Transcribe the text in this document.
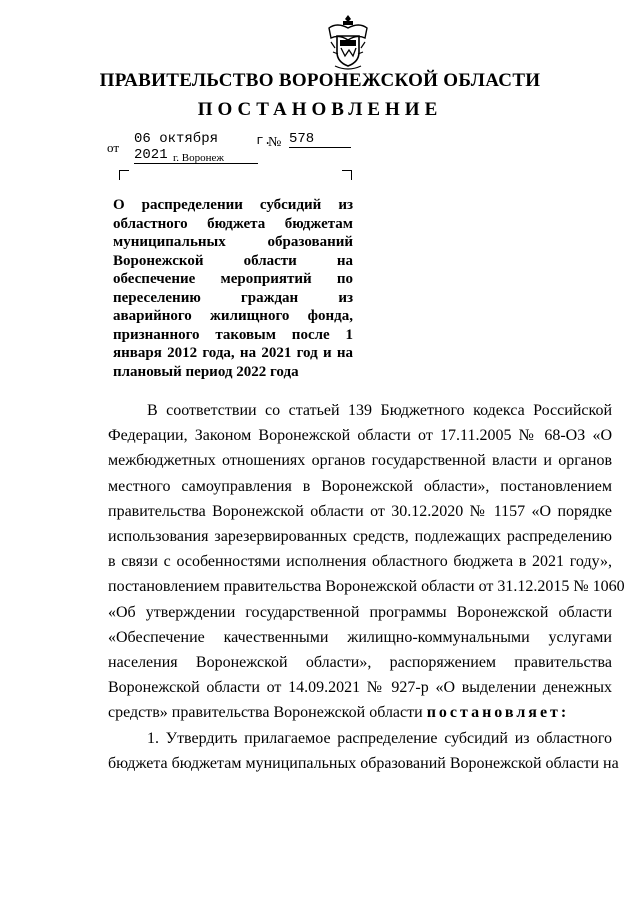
ПРАВИТЕЛЬСТВО ВОРОНЕЖСКОЙ ОБЛАСТИ
ПОСТАНОВЛЕНИЕ
от
06 октября 2021
г.
№ 578
г. Воронеж
О распределении субсидий из
областного бюджета бюджетам
муниципальных образований
Воронежской области на
обеспечение мероприятий по
переселению граждан из
аварийного жилищного фонда,
признанного таковым после 1
января 2012 года, на 2021 год и на
плановый период 2022 года
В соответствии со статьей 139 Бюджетного кодекса Российской
Федерации, Законом Воронежской области от 17.11.2005 № 68-ОЗ «О
межбюджетных отношениях органов государственной власти и органов
местного самоуправления в Воронежской области», постановлением
правительства Воронежской области от 30.12.2020 № 1157 «О порядке
использования зарезервированных средств, подлежащих распределению
в связи с особенностями исполнения областного бюджета в 2021 году»,
постановлением правительства Воронежской области от 31.12.2015 № 1060
«Об утверждении государственной программы Воронежской области
«Обеспечение качественными жилищно-коммунальными услугами
населения Воронежской области», распоряжением правительства
Воронежской области от 14.09.2021 № 927-р «О выделении денежных
средств» правительства Воронежской области постановляет:
1. Утвердить прилагаемое распределение субсидий из областного
бюджета бюджетам муниципальных образований Воронежской области на
